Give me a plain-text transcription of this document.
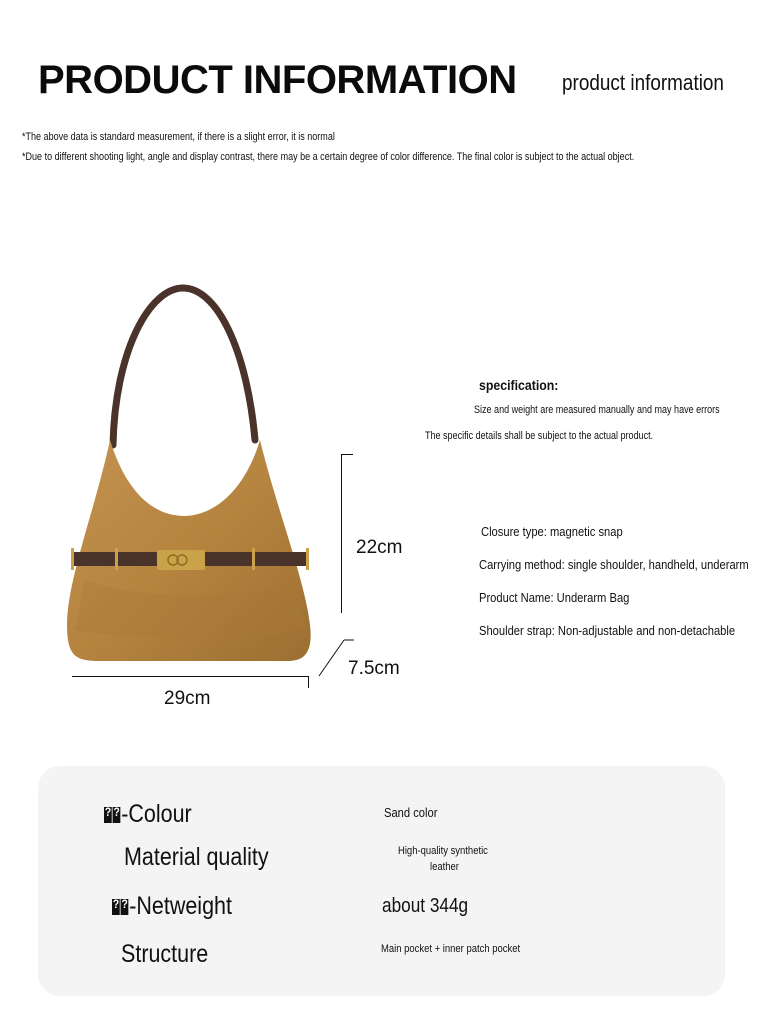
PRODUCT INFORMATION product information
*The above data is standard measurement, if there is a slight error, it is normal
*Due to different shooting light, angle and display contrast, there may be a certain degree of color difference. The final color is subject to the actual object.
22cm
7.5cm
29cm
specification:
Size and weight are measured manually and may have errors
The specific details shall be subject to the actual product.
Closure type: magnetic snap
Carrying method: single shoulder, handheld, underarm
Product Name: Underarm Bag
Shoulder strap: Non-adjustable and non-detachable
??-Colour	Sand color
Material quality	High-quality synthetic
leather
??-Netweight	about 344g
Structure	Main pocket + inner patch pocket
